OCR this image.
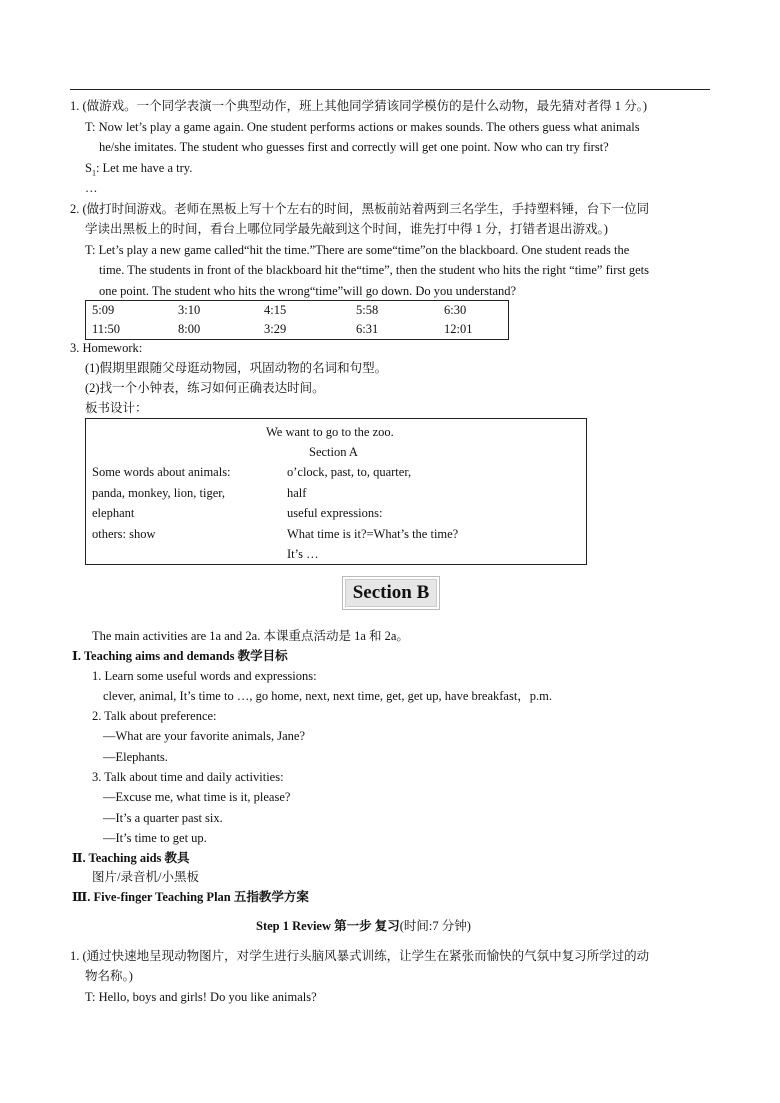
1. (做游戏。一个同学表演一个典型动作，班上其他同学猜该同学模仿的是什么动物，最先猜对者得 1 分。)
T: Now let’s play a game again. One student performs actions or makes sounds. The others guess what animals
he/she imitates. The student who guesses first and correctly will get one point. Now who can try first?
$S_1$: Let me have a try.
…
2. (做打时间游戏。老师在黑板上写十个左右的时间，黑板前站着两到三名学生，手持塑料锤，台下一位同
学读出黑板上的时间，看台上哪位同学最先敲到这个时间，谁先打中得 1 分，打错者退出游戏。)
T: Let’s play a new game called“hit the time.”There are some“time”on the blackboard. One student reads the
time. The students in front of the blackboard hit the“time”, then the student who hits the right “time” first gets
one point. The student who hits the wrong“time”will go down. Do you understand?
5:09	3:10	4:15	5:58	6:30
11:50	8:00	3:29	6:31	12:01
3. Homework:
(1)假期里跟随父母逛动物园，巩固动物的名词和句型。
(2)找一个小钟表，练习如何正确表达时间。
板书设计：
We want to go to the zoo.
Section A
Some words about animals:
panda, monkey, lion, tiger,
elephant
others: show
o’clock, past, to, quarter,
half
useful expressions:
What time is it?=What’s the time?
It’s …
Section B
The main activities are 1a and 2a. 本课重点活动是 1a 和 2a。
Ⅰ. Teaching aims and demands 教学目标
1. Learn some useful words and expressions:
clever, animal, It’s time to …, go home, next, next time, get, get up, have breakfast，p.m.
2. Talk about preference:
—What are your favorite animals, Jane?
—Elephants.
3. Talk about time and daily activities:
—Excuse me, what time is it, please?
—It’s a quarter past six.
—It’s time to get up.
Ⅱ. Teaching aids 教具
图片/录音机/小黑板
Ⅲ. Five-finger Teaching Plan 五指教学方案
Step 1 Review 第一步 复习(时间:7 分钟)
1. (通过快速地呈现动物图片，对学生进行头脑风暴式训练，让学生在紧张而愉快的气氛中复习所学过的动
物名称。)
T: Hello, boys and girls! Do you like animals?
